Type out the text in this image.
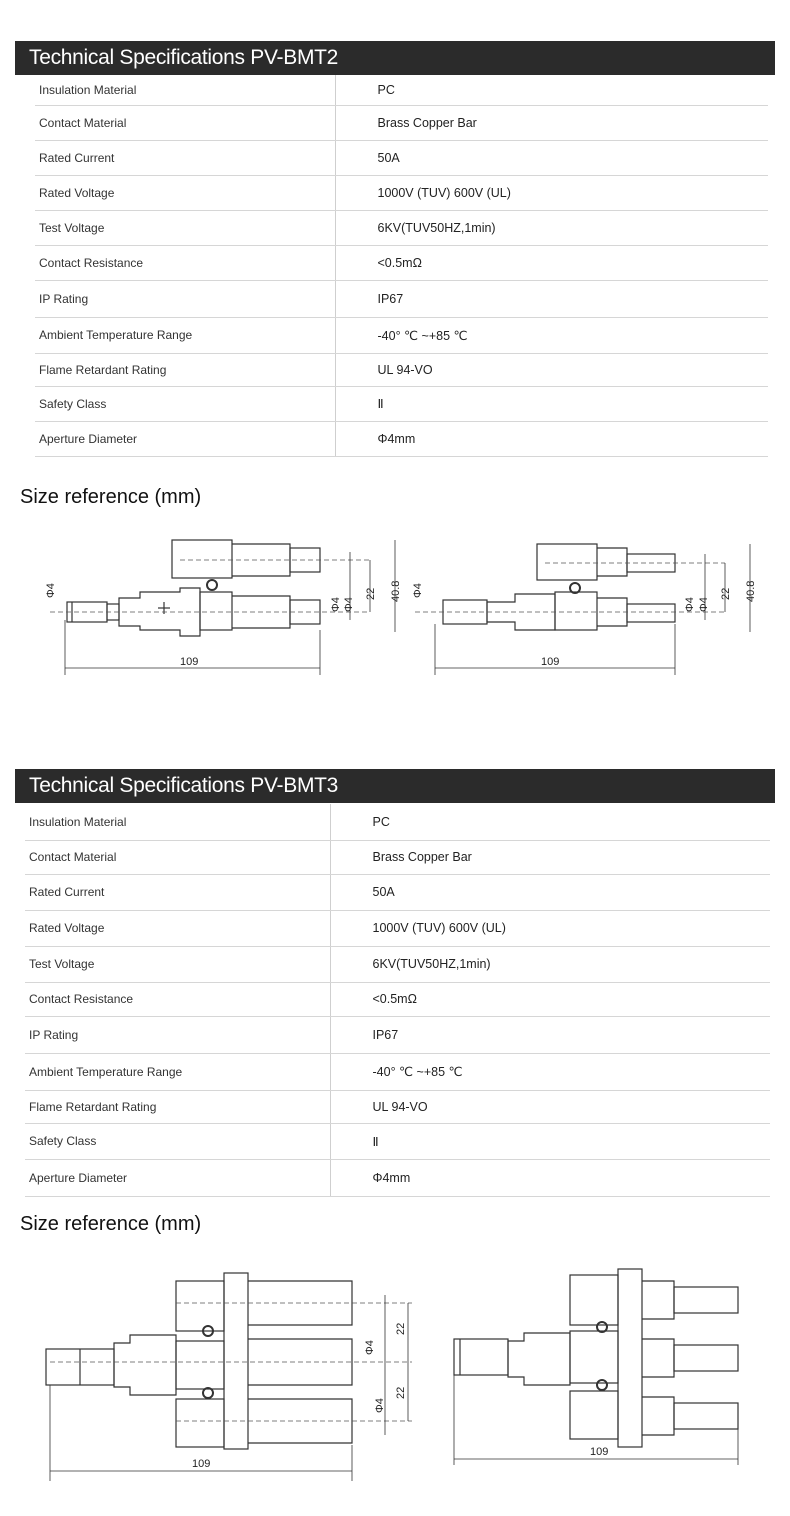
Technical Specifications PV-BMT2
Insulation Material	PC
Contact Material	Brass Copper Bar
Rated Current	50A
Rated Voltage	1000V (TUV) 600V (UL)
Test Voltage	6KV(TUV50HZ,1min)
Contact Resistance	<0.5mΩ
IP Rating	IP67
Ambient Temperature Range	-40° ℃ ~+85 ℃
Flame Retardant Rating	UL 94-VO
Safety Class	Ⅱ
Aperture Diameter	Φ4mm
Size reference (mm)
Φ4
Φ4 Φ4
22 40.8
109
Φ4
Φ4 Φ4
22 40.8
109
Technical Specifications PV-BMT3
Insulation Material	PC
Contact Material	Brass Copper Bar
Rated Current	50A
Rated Voltage	1000V (TUV) 600V (UL)
Test Voltage	6KV(TUV50HZ,1min)
Contact Resistance	<0.5mΩ
IP Rating	IP67
Ambient Temperature Range	-40° ℃ ~+85 ℃
Flame Retardant Rating	UL 94-VO
Safety Class	Ⅱ
Aperture Diameter	Φ4mm
Size reference (mm)
Φ4
Φ4
22
22
109
109
